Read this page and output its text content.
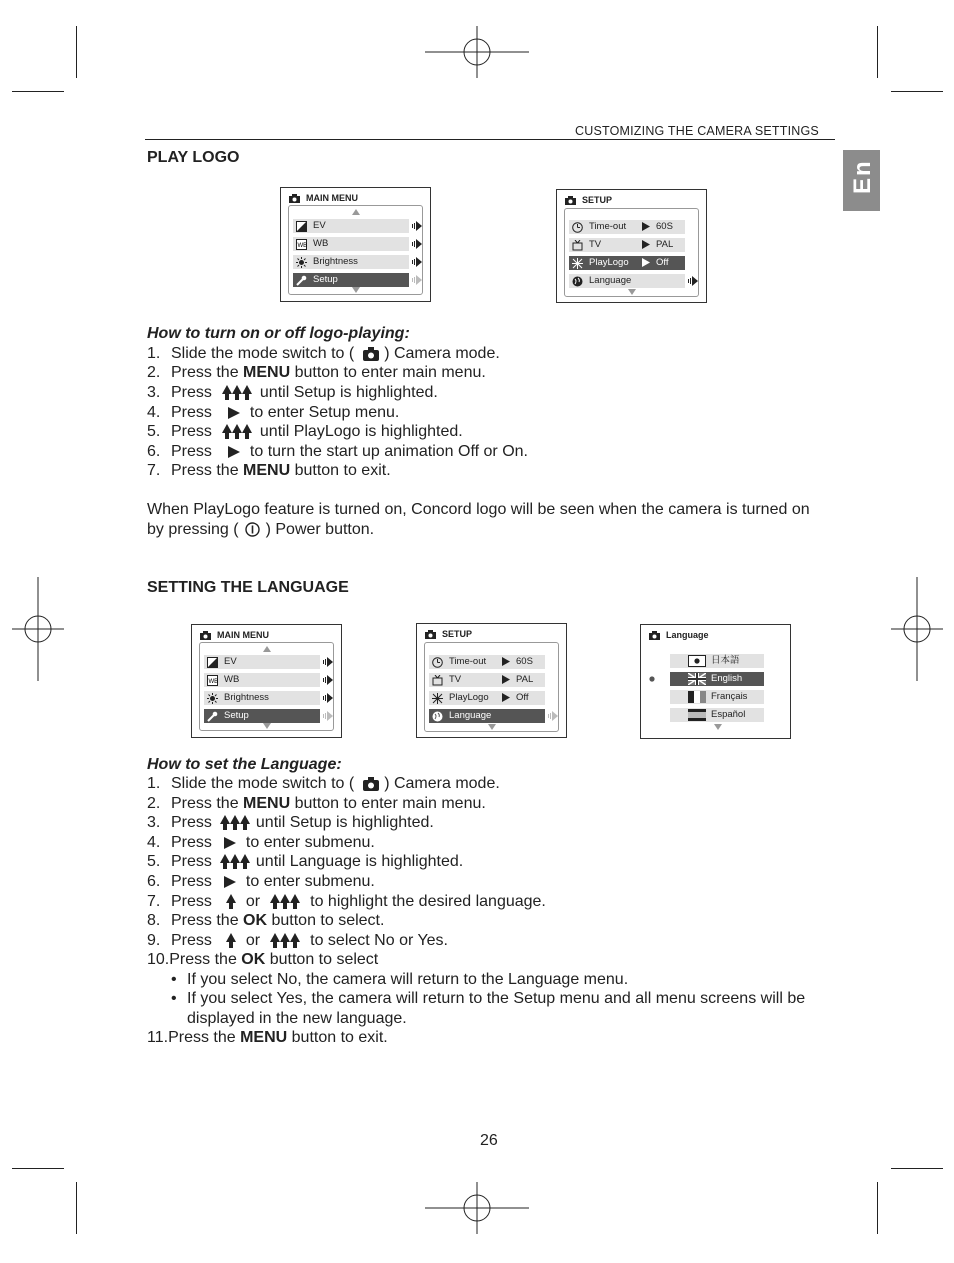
CUSTOMIZING THE CAMERA SETTINGS
En
PLAY LOGO
MAIN MENU
EV
WB WB
Brightness
Setup
SETUP
Time-out	60S
TV	PAL
PlayLogo	Off
Language
How to turn on or off logo-playing:
1. Slide the mode switch to ( ) Camera mode.
2. Press the MENU button to enter main menu.
3. Press	until Setup is highlighted.
4. Press to enter Setup menu.
5. Press	until PlayLogo is highlighted.
6. Press to turn the start up animation Off or On.
7. Press the MENU button to exit.
When PlayLogo feature is turned on, Concord logo will be seen when the camera is turned on
by pressing ( ) Power button.
SETTING THE LANGUAGE
MAIN MENU
EV
WB WB
Brightness
Setup
SETUP
Time-out	60S
TV	PAL
PlayLogo	Off
Language
Language
日本語
English
Français
Español
How to set the Language:
1. Slide the mode switch to ( ) Camera mode.
2. Press the MENU button to enter main menu.
3. Press	until Setup is highlighted.
4. Press to enter submenu.
5. Press	until Language is highlighted.
6. Press to enter submenu.
7. Press or	to highlight the desired language.
8. Press the OK button to select.
9. Press or	to select No or Yes.
10.Press the OK button to select
• If you select No, the camera will return to the Language menu.
• If you select Yes, the camera will return to the Setup menu and all menu screens will be
displayed in the new language.
11.Press the MENU button to exit.
26
